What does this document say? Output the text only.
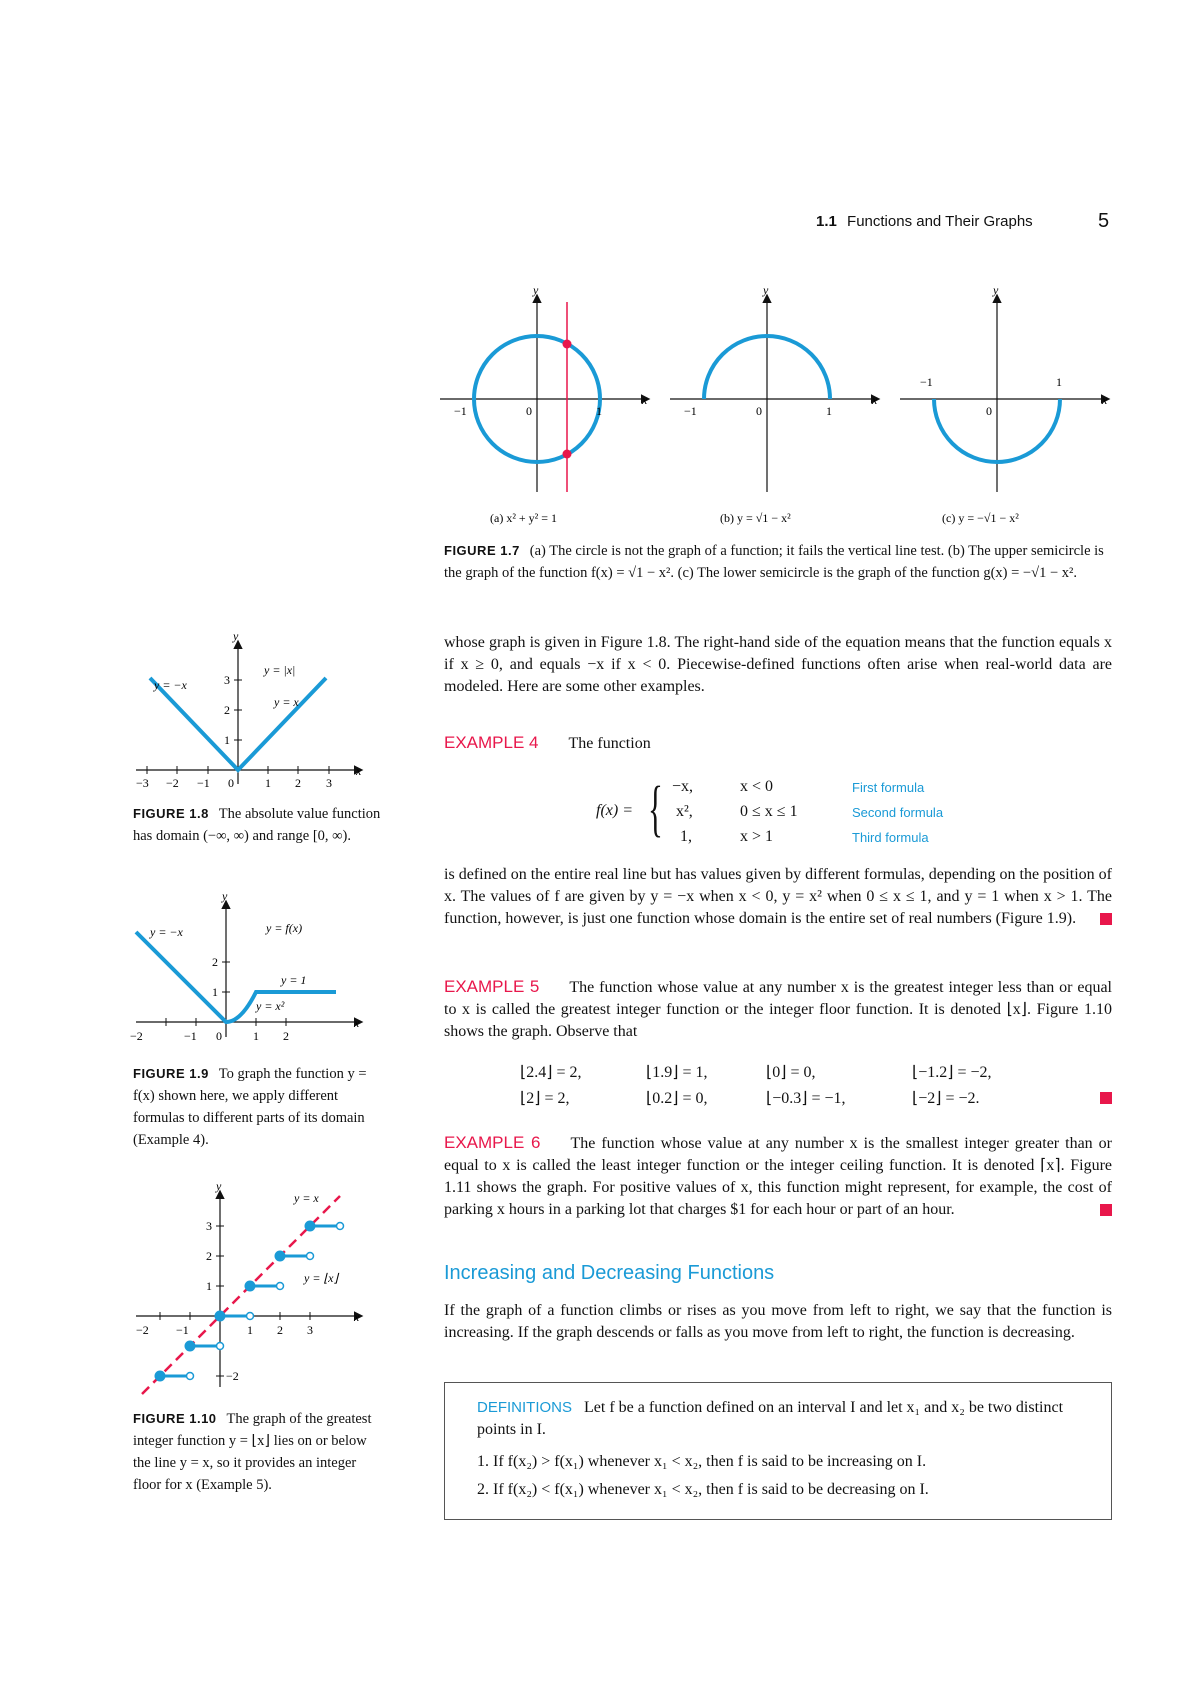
1.1 Functions and Their Graphs	5
y
x
−1	0	1
y
x
−1	0	1
y
x
−1
0
1
(a) x² + y² = 1	(b) y = √1 − x²	(c) y = −√1 − x²
FIGURE 1.7 (a) The circle is not the graph of a function; it fails the vertical line test. (b) The upper semicircle is the graph of the function f(x) = √1 − x². (c) The lower semicircle is the graph of the function g(x) = −√1 − x².
y
x
y = −x
y = |x|
y = x
1
2
3
−3 −2 −1 0	1 2 3
FIGURE 1.8 The absolute value function has domain (−∞, ∞) and range [0, ∞).
y
x
y = −x	y = f(x)
y = 1
y = x²
1
2
−2	−1 0	1 2
FIGURE 1.9 To graph the function y = f(x) shown here, we apply different formulas to different parts of its domain (Example 4).
y
x
y = x
y = ⌊x⌋
1
2
3
−2
−2 −1	1 2 3
FIGURE 1.10 The graph of the greatest integer function y = ⌊x⌋ lies on or below the line y = x, so it provides an integer floor for x (Example 5).
whose graph is given in Figure 1.8. The right-hand side of the equation means that the function equals x if x ≥ 0, and equals −x if x < 0. Piecewise-defined functions often arise when real-world data are modeled. Here are some other examples.
EXAMPLE 4 The function
f(x) = { −x,	x < 0	First formula
x²,	0 ≤ x ≤ 1	Second formula
1,	x > 1	Third formula
is defined on the entire real line but has values given by different formulas, depending on the position of x. The values of f are given by y = −x when x < 0, y = x² when 0 ≤ x ≤ 1, and y = 1 when x > 1. The function, however, is just one function whose domain is the entire set of real numbers (Figure 1.9).
EXAMPLE 5 The function whose value at any number x is the greatest integer less than or equal to x is called the greatest integer function or the integer floor function. It is denoted ⌊x⌋. Figure 1.10 shows the graph. Observe that
⌊2.4⌋ = 2,	⌊1.9⌋ = 1,	⌊0⌋ = 0,	⌊−1.2⌋ = −2,
⌊2⌋ = 2,	⌊0.2⌋ = 0,	⌊−0.3⌋ = −1,	⌊−2⌋ = −2.
EXAMPLE 6 The function whose value at any number x is the smallest integer greater than or equal to x is called the least integer function or the integer ceiling function. It is denoted ⌈x⌉. Figure 1.11 shows the graph. For positive values of x, this function might represent, for example, the cost of parking x hours in a parking lot that charges $1 for each hour or part of an hour.
Increasing and Decreasing Functions
If the graph of a function climbs or rises as you move from left to right, we say that the function is increasing. If the graph descends or falls as you move from left to right, the function is decreasing.
DEFINITIONS Let f be a function defined on an interval I and let x₁ and x₂ be two distinct points in I.
1. If f(x₂) > f(x₁) whenever x₁ < x₂, then f is said to be increasing on I.
2. If f(x₂) < f(x₁) whenever x₁ < x₂, then f is said to be decreasing on I.
